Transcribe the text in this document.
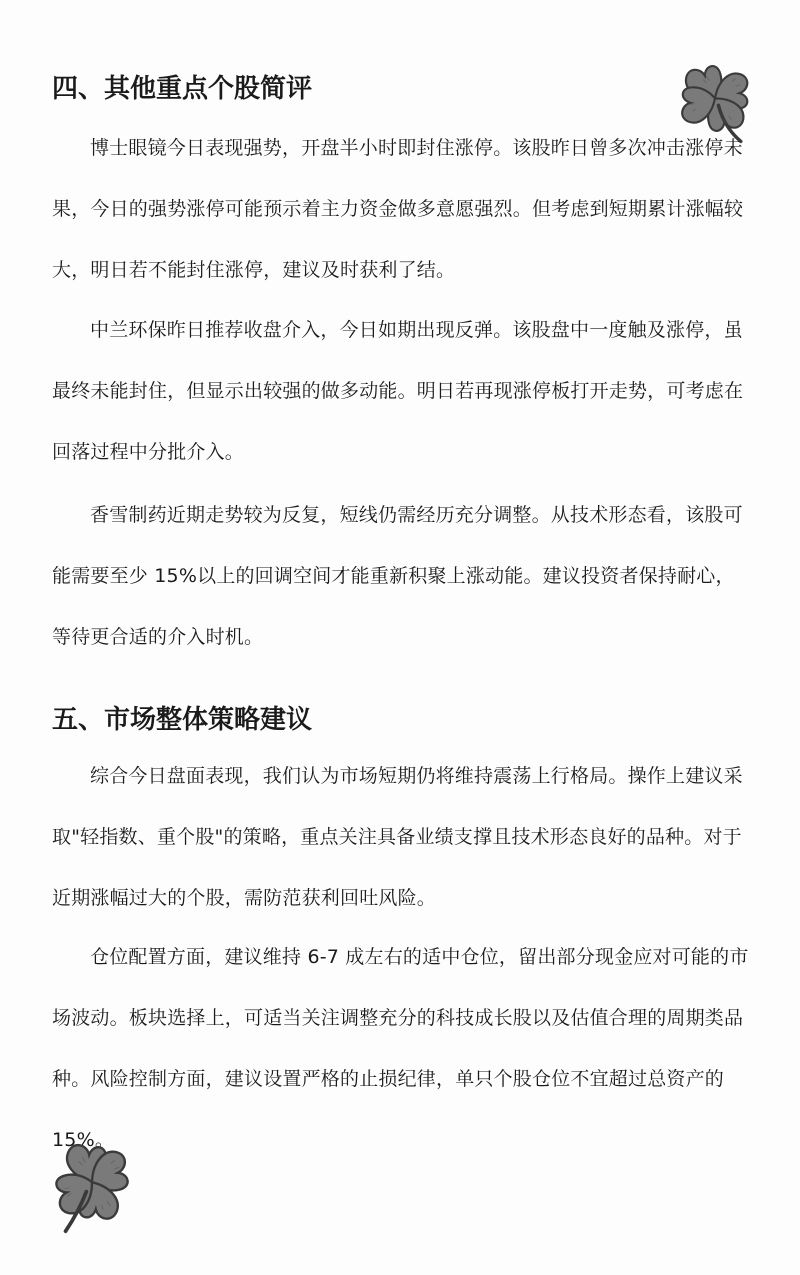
四、其他重点个股简评

博士眼镜今日表现强势，开盘半小时即封住涨停。该股昨日曾多次冲击涨停未果，今日的强势涨停可能预示着主力资金做多意愿强烈。但考虑到短期累计涨幅较大，明日若不能封住涨停，建议及时获利了结。

中兰环保昨日推荐收盘介入，今日如期出现反弹。该股盘中一度触及涨停，虽最终未能封住，但显示出较强的做多动能。明日若再现涨停板打开走势，可考虑在回落过程中分批介入。

香雪制药近期走势较为反复，短线仍需经历充分调整。从技术形态看，该股可能需要至少 15%以上的回调空间才能重新积聚上涨动能。建议投资者保持耐心，等待更合适的介入时机。

五、市场整体策略建议

综合今日盘面表现，我们认为市场短期仍将维持震荡上行格局。操作上建议采取"轻指数、重个股"的策略，重点关注具备业绩支撑且技术形态良好的品种。对于近期涨幅过大的个股，需防范获利回吐风险。

仓位配置方面，建议维持 6-7 成左右的适中仓位，留出部分现金应对可能的市场波动。板块选择上，可适当关注调整充分的科技成长股以及估值合理的周期类品种。风险控制方面，建议设置严格的止损纪律，单只个股仓位不宜超过总资产的 15%。
